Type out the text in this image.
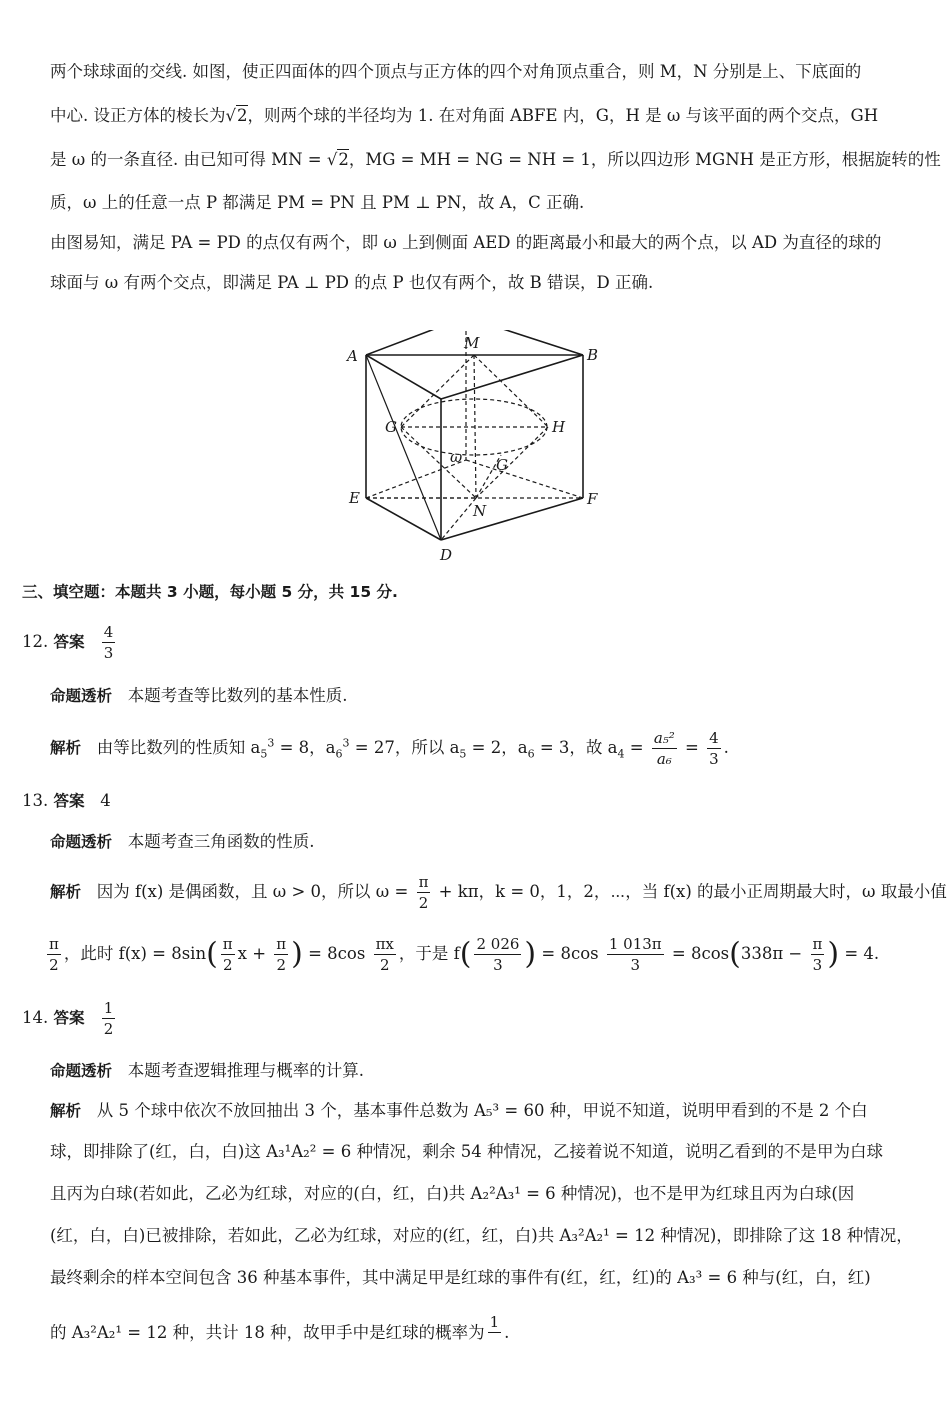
两个球球面的交线. 如图，使正四面体的四个顶点与正方体的四个对角顶点重合，则 M，N 分别是上、下底面的
中心. 设正方体的棱长为√2，则两个球的半径均为 1. 在对角面 ABFE 内，G，H 是 ω 与该平面的两个交点，GH
是 ω 的一条直径. 由已知可得 MN = √2，MG = MH = NG = NH = 1，所以四边形 MGNH 是正方形，根据旋转的性
质，ω 上的任意一点 P 都满足 PM = PN 且 PM ⊥ PN，故 A，C 正确.
由图易知，满足 PA = PD 的点仅有两个，即 ω 上到侧面 AED 的距离最小和最大的两个点，以 AD 为直径的球的
球面与 ω 有两个交点，即满足 PA ⊥ PD 的点 P 也仅有两个，故 B 错误，D 正确.
A	B
M
G	H
ω G
E	F
N
D
三、填空题：本题共 3 小题，每小题 5 分，共 15 分.
12. 答案 $\frac{4}{3}$
命题透析 本题考查等比数列的基本性质.
解析 由等比数列的性质知 $a_5^3 = 8$，$a_6^3 = 27$，所以 $a_5 = 2$，$a_6 = 3$，故 $a_4 = \frac{\text{a₅²}}{\text{a₆}} = \frac{4}{3}$ .
13. 答案 4
命题透析 本题考查三角函数的性质.
解析 因为 f(x) 是偶函数，且 ω > 0，所以 $\omega = \frac{\pi}{2} + k\pi$，k = 0，1，2，⋯，当 f(x) 的最小正周期最大时，ω 取最小值
$\frac{\pi}{2}$ ，此时 $f(x) = 8\sin( \frac{\pi}{2}$ $x + \frac{\pi}{2}$ ) = $8\cos \frac{\pi x}{2}$ ，于是 $f( \frac{2 026}{3}$ ) = $8\cos \frac{1 013\pi}{3} = 8\cos(338\pi - \frac{\pi}{3}$ ) = 4.
14. 答案 $\frac{1}{2}$
命题透析 本题考查逻辑推理与概率的计算.
解析 从 5 个球中依次不放回抽出 3 个，基本事件总数为 A₅³ = 60 种，甲说不知道，说明甲看到的不是 2 个白
球，即排除了(红，白，白)这 A₃¹A₂² = 6 种情况，剩余 54 种情况，乙接着说不知道，说明乙看到的不是甲为白球
且丙为白球(若如此，乙必为红球，对应的(白，红，白)共 A₂²A₃¹ = 6 种情况)，也不是甲为红球且丙为白球(因
(红，白，白)已被排除，若如此，乙必为红球，对应的(红，红，白)共 A₃²A₂¹ = 12 种情况)，即排除了这 18 种情况，
最终剩余的样本空间包含 36 种基本事件，其中满足甲是红球的事件有(红，红，红)的 A₃³ = 6 种与(红，白，红)
的 A₃²A₂¹ = 12 种，共计 18 种，故甲手中是红球的概率为
1

.
